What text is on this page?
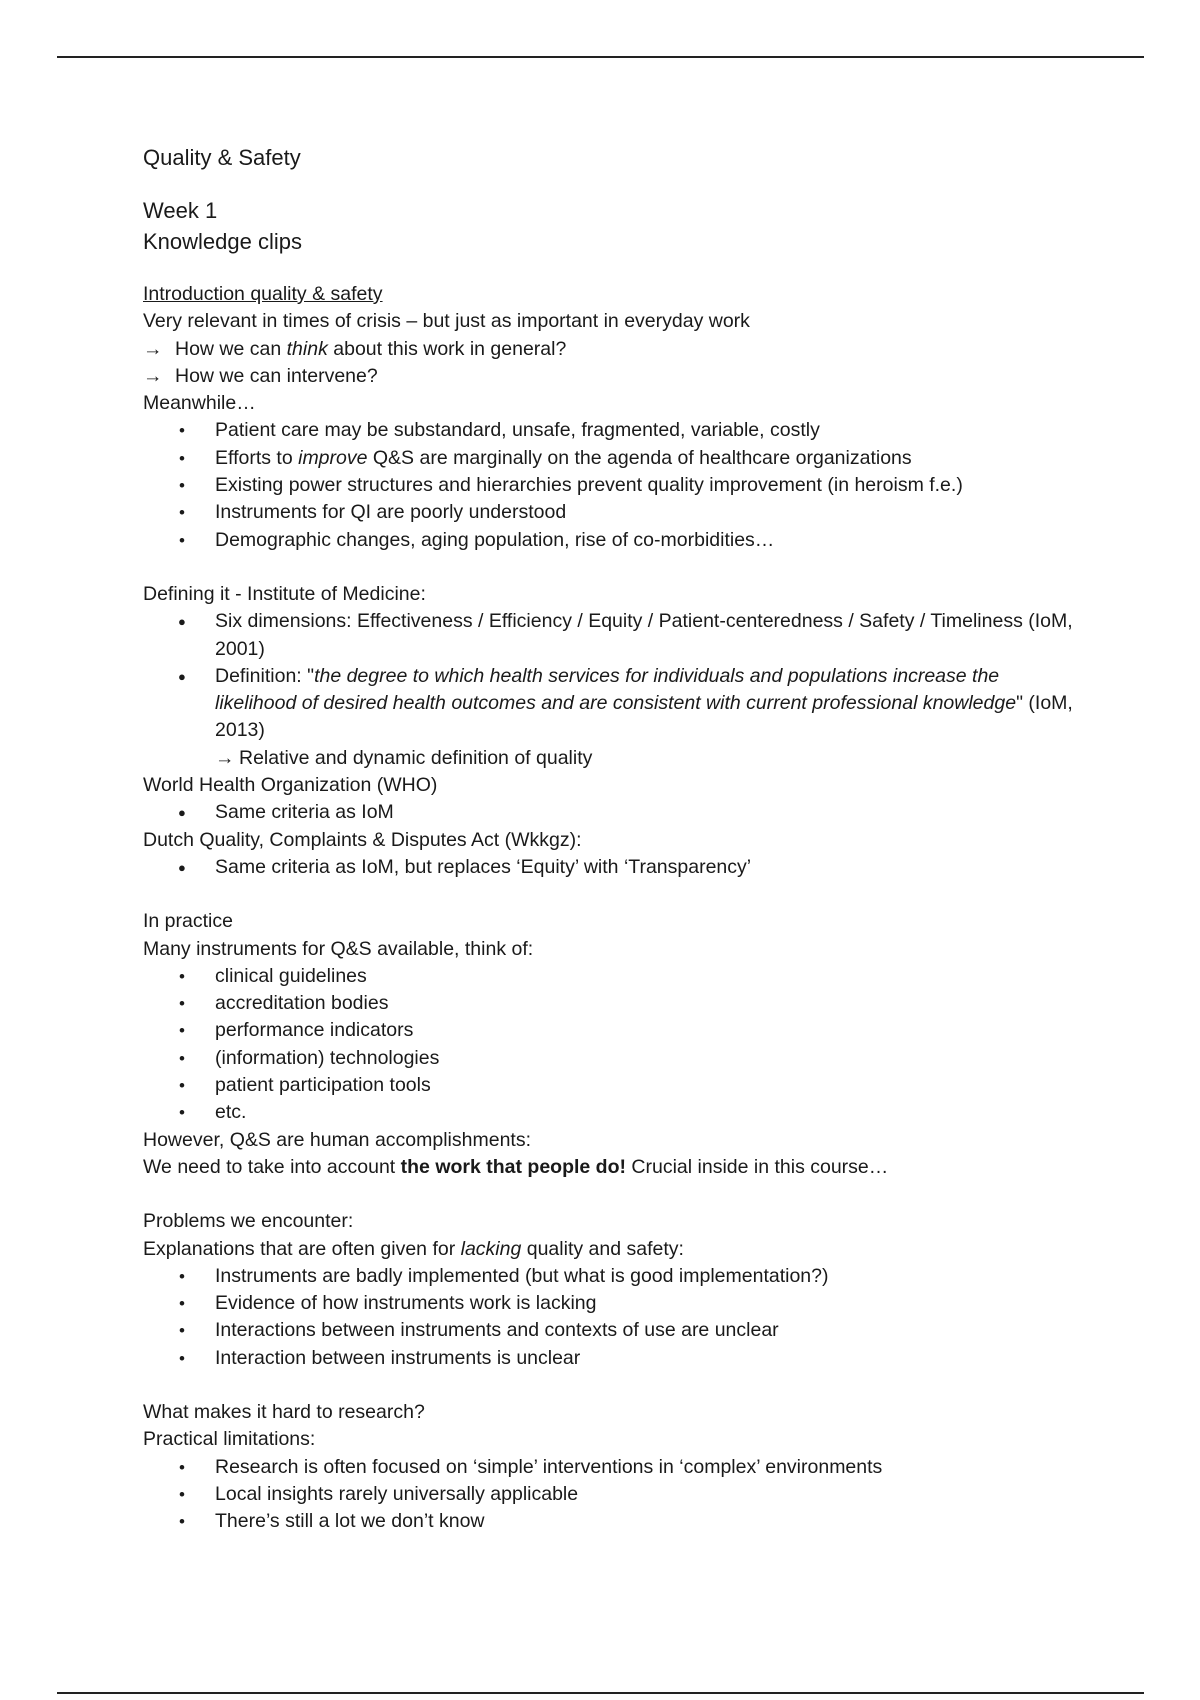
Quality & Safety

Week 1

Knowledge clips

Introduction quality & safety

Very relevant in times of crisis – but just as important in everyday work

→ How we can think about this work in general?

→ How we can intervene?

Meanwhile…

• Patient care may be substandard, unsafe, fragmented, variable, costly
• Efforts to improve Q&S are marginally on the agenda of healthcare organizations
• Existing power structures and hierarchies prevent quality improvement (in heroism f.e.)
• Instruments for QI are poorly understood
• Demographic changes, aging population, rise of co-morbidities…

Defining it - Institute of Medicine:

● Six dimensions: Effectiveness / Efficiency / Equity / Patient-centeredness / Safety / Timeliness (IoM, 2001)
● Definition: "the degree to which health services for individuals and populations increase the likelihood of desired health outcomes and are consistent with current professional knowledge" (IoM, 2013)

→ Relative and dynamic definition of quality

World Health Organization (WHO)

● Same criteria as IoM

Dutch Quality, Complaints & Disputes Act (Wkkgz):

● Same criteria as IoM, but replaces ‘Equity’ with ‘Transparency’

In practice

Many instruments for Q&S available, think of:

• clinical guidelines
• accreditation bodies
• performance indicators
• (information) technologies
• patient participation tools
• etc.

However, Q&S are human accomplishments:

We need to take into account the work that people do! Crucial inside in this course…

Problems we encounter:

Explanations that are often given for lacking quality and safety:

• Instruments are badly implemented (but what is good implementation?)
• Evidence of how instruments work is lacking
• Interactions between instruments and contexts of use are unclear
• Interaction between instruments is unclear

What makes it hard to research?

Practical limitations:

• Research is often focused on ‘simple’ interventions in ‘complex’ environments
• Local insights rarely universally applicable
• There’s still a lot we don’t know
